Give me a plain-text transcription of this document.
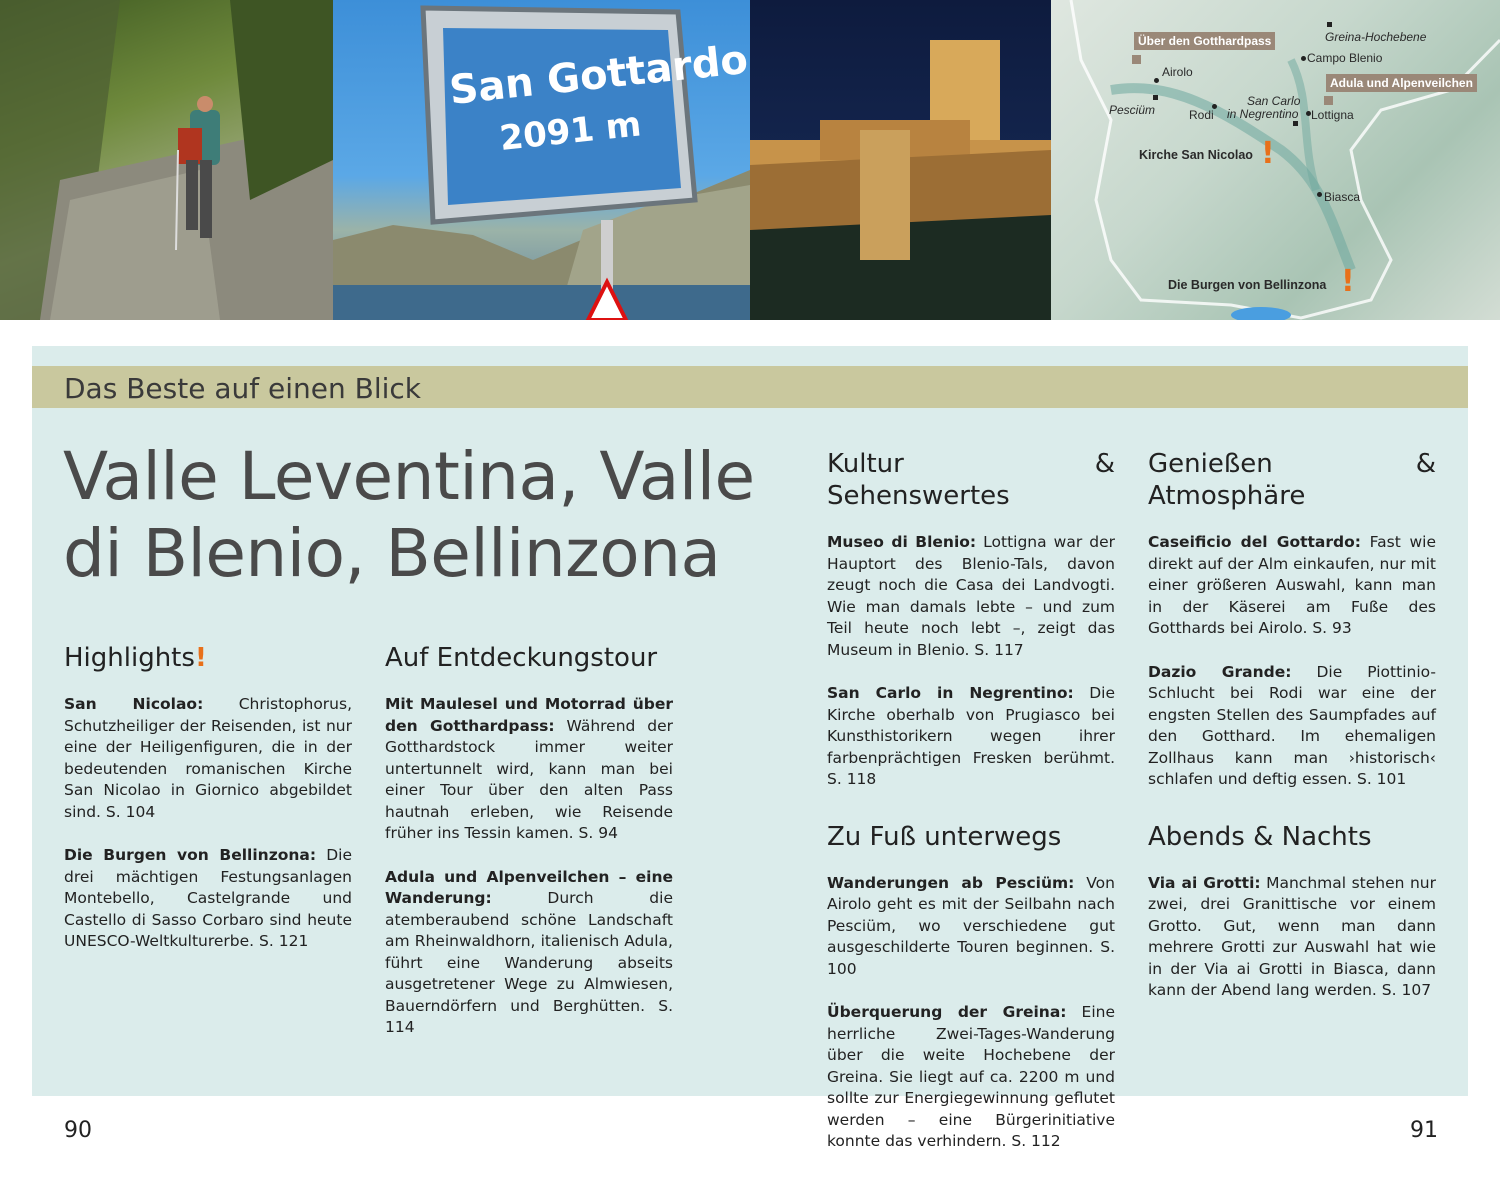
San Gottardo
2091 m
Über den Gotthardpass
Adula und Alpenveilchen
Greina-Hochebene
Campo Blenio
Airolo
Pesciüm	Rodi
San Carlo
in Negrentino Lottigna
Biasca
Kirche San Nicolao !
Die Burgen von Bellinzona !
Das Beste auf einen Blick
Valle Leventina, Valle
di Blenio, Bellinzona
Highlights!

San Nicolao: Christophorus, Schutzheiliger der Reisenden, ist nur eine der Heiligenfiguren, die in der bedeutenden romanischen Kirche San Nicolao in Giornico abgebildet sind. S. 104

Die Burgen von Bellinzona: Die drei mächtigen Festungsanlagen Montebello, Castelgrande und Castello di Sasso Corbaro sind heute UNESCO-Weltkulturerbe. S. 121

Auf Entdeckungstour

Mit Maulesel und Motorrad über den Gotthardpass: Während der Gotthardstock immer weiter untertunnelt wird, kann man bei einer Tour über den alten Pass hautnah erleben, wie Reisende früher ins Tessin kamen. S. 94

Adula und Alpenveilchen – eine Wanderung: Durch die atemberaubend schöne Landschaft am Rheinwaldhorn, italienisch Adula, führt eine Wanderung abseits ausgetretener Wege zu Almwiesen, Bauerndörfern und Berghütten. S. 114

Kultur & Sehenswertes

Museo di Blenio: Lottigna war der Hauptort des Blenio-Tals, davon zeugt noch die Casa dei Landvogti. Wie man damals lebte – und zum Teil heute noch lebt –, zeigt das Museum in Blenio. S. 117

San Carlo in Negrentino: Die Kirche oberhalb von Prugiasco bei Kunsthistorikern wegen ihrer farbenprächtigen Fresken berühmt. S. 118

Zu Fuß unterwegs

Wanderungen ab Pesciüm: Von Airolo geht es mit der Seilbahn nach Pesciüm, wo verschiedene gut ausgeschilderte Touren beginnen. S. 100

Überquerung der Greina: Eine herrliche Zwei-Tages-Wanderung über die weite Hochebene der Greina. Sie liegt auf ca. 2200 m und sollte zur Energiegewinnung geflutet werden – eine Bürgerinitiative konnte das verhindern. S. 112

Genießen & Atmosphäre

Caseificio del Gottardo: Fast wie direkt auf der Alm einkaufen, nur mit einer größeren Auswahl, kann man in der Käserei am Fuße des Gotthards bei Airolo. S. 93

Dazio Grande: Die Piottinio-Schlucht bei Rodi war eine der engsten Stellen des Saumpfades auf den Gotthard. Im ehemaligen Zollhaus kann man ›historisch‹ schlafen und deftig essen. S. 101

Abends & Nachts

Via ai Grotti: Manchmal stehen nur zwei, drei Granittische vor einem Grotto. Gut, wenn man dann mehrere Grotti zur Auswahl hat wie in der Via ai Grotti in Biasca, dann kann der Abend lang werden. S. 107

90	91
